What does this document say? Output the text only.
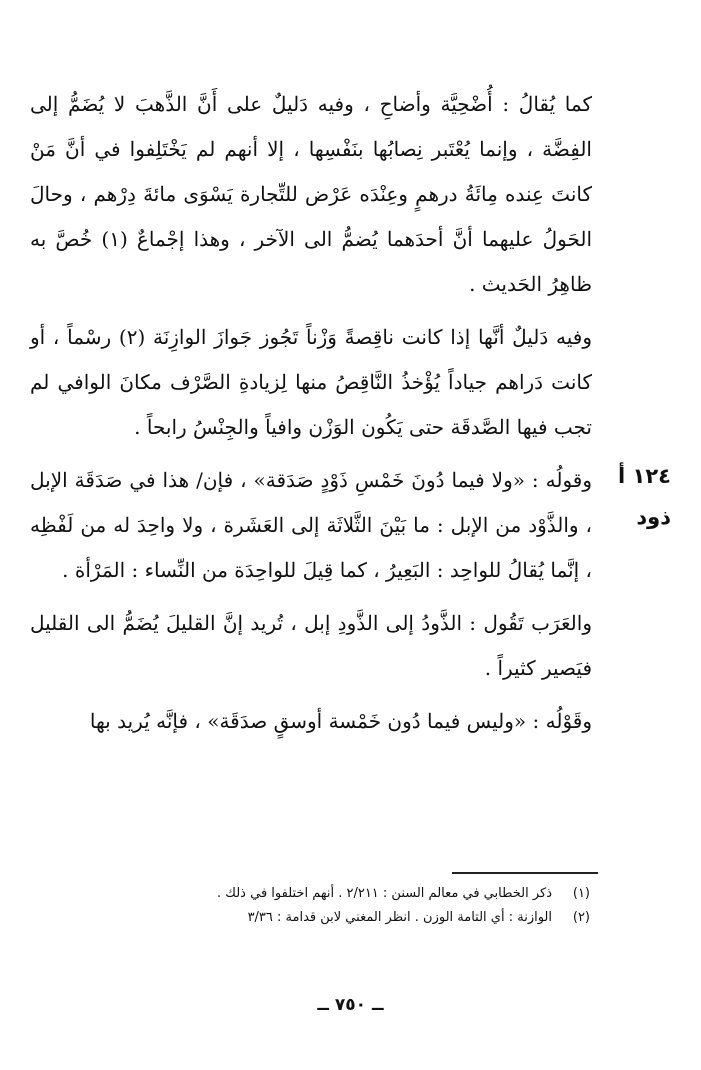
كما يُقالُ : أُضْحِيَّة وأضاحِ ، وفيه دَليلٌ على أَنَّ الذَّهبَ لا يُضَمُّ إلى الفِضَّة ، وإنما يُعْتَبر نِصابُها بنَفْسِها ، إلا أنهم لم يَخْتَلِفوا في أنَّ مَنْ كانتَ عِنده مِائَةُ درهمٍ وعِنْدَه عَرْض للتِّجارة يَسْوَى مائةَ دِرْهم ، وحالَ الحَولُ عليهما أنَّ أحدَهما يُضمُّ الى الآخر ، وهذا إجْماعٌ (١) خُصَّ به ظاهِرُ الحَديث .

وفيه دَليلٌ أنَّها إذا كانت ناقِصةً وَزْناً تَجُوز جَوازَ الوازِنَة (٢) رسْماً ، أو كانت دَراهم جياداً يُؤْخذُ النَّاقِصُ منها لِزيادةِ الصَّرْف مكانَ الوافي لم تجب فيها الصَّدقَة حتى يَكُون الوَزْن وافياً والجِنْسُ رابحاً .

وقولُه : «ولا فيما دُونَ خَمْسِ ذَوْدٍ صَدَقة» ، فإن/ هذا في صَدَقَة الإبل ، والذَّوْد من الإبل : ما بَيْنَ الثَّلاثَة إلى العَشَرة ، ولا واحِدَ له من لَفْظِه ، إنَّما يُقالُ للواحِد : البَعِيرُ ، كما قِيلَ للواحِدَة من النِّساء : المَرْأة .

والعَرَب تَقُول : الذَّودُ إلى الذَّودِ إبل ، تُريد إنَّ القليلَ يُضَمُّ الى القليل فيَصير كثيراً .

وقَوْلُه : «وليس فيما دُون خَمْسة أوسقٍ صدَقَة» ، فإنَّه يُريد بها

١٢٤ أ
ذود
(١)
ذكر الخطابي في معالم السنن : ٢/٢١١ . أنهم اختلفوا في ذلك .
(٢)
الوازنة : أي التامة الوزن . انظر المغني لابن قدامة : ٣/٣٦
ــ ٧٥٠ ــ
